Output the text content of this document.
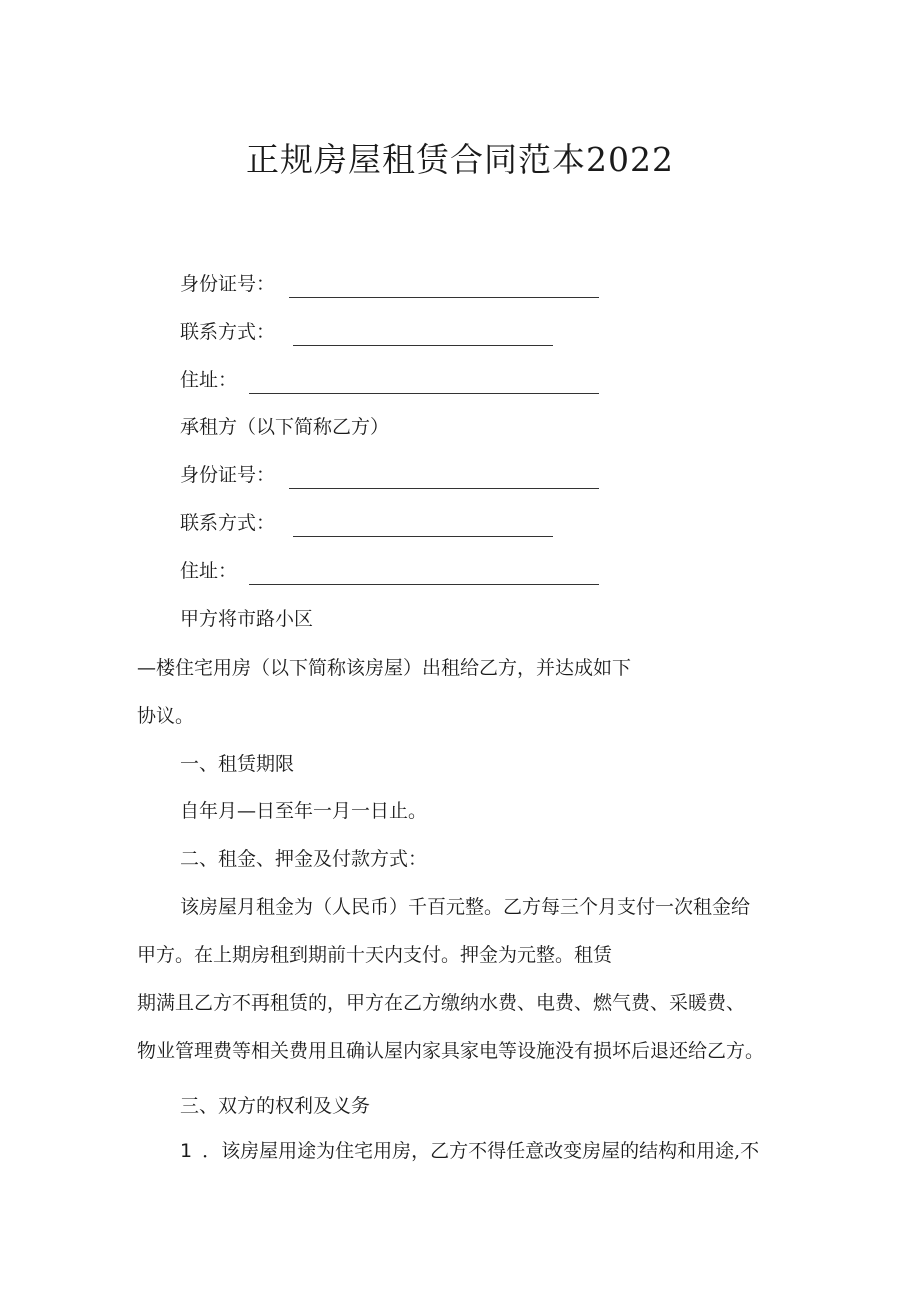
正规房屋租赁合同范本2022
身份证号：
联系方式：
住址：

承租方（以下简称乙方）

身份证号：
联系方式：
住址：

甲方将市路小区

—楼住宅用房（以下简称该房屋）出租给乙方，并达成如下

协议。

一、租赁期限

自年月—日至年一月一日止。

二、租金、押金及付款方式：

该房屋月租金为（人民币）千百元整。乙方每三个月支付一次租金给

甲方。在上期房租到期前十天内支付。押金为元整。租赁

期满且乙方不再租赁的，甲方在乙方缴纳水费、电费、燃气费、采暖费、

物业管理费等相关费用且确认屋内家具家电等设施没有损坏后退还给乙方。

三、双方的权利及义务

1 ．该房屋用途为住宅用房，乙方不得任意改变房屋的结构和用途,不
